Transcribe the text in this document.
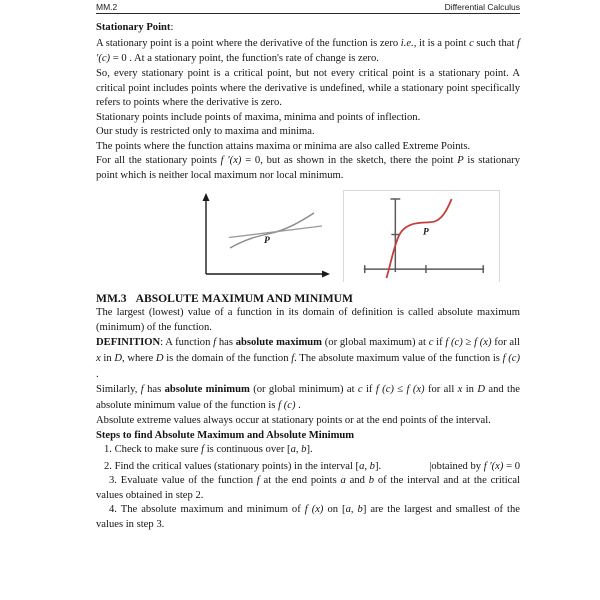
MM.2	Differential Calculus

Stationary Point:

A stationary point is a point where the derivative of the function is zero i.e., it is a point c such that f ′(c) = 0 . At a stationary point, the function's rate of change is zero.

So, every stationary point is a critical point, but not every critical point is a stationary point. A critical point includes points where the derivative is undefined, while a stationary point specifically refers to points where the derivative is zero.

Stationary points include points of maxima, minima and points of inflection.

Our study is restricted only to maxima and minima.

The points where the function attains maxima or minima are also called Extreme Points.

For all the stationary points f ′(x) = 0, but as shown in the sketch, there the point P is stationary point which is neither local maximum nor local minimum.

P
P
MM.3 ABSOLUTE MAXIMUM AND MINIMUM

The largest (lowest) value of a function in its domain of definition is called absolute maximum (minimum) of the function.

DEFINITION: A function f has absolute maximum (or global maximum) at c if f (c) ≥ f (x) for all x in D, where D is the domain of the function f. The absolute maximum value of the function is f (c) .

Similarly, f has absolute minimum (or global minimum) at c if f (c) ≤ f (x) for all x in D and the absolute minimum value of the function is f (c) .

Absolute extreme values always occur at stationary points or at the end points of the interval.

Steps to find Absolute Maximum and Absolute Minimum

1. Check to make sure f is continuous over [a, b].

2. Find the critical values (stationary points) in the interval [a, b].	|obtained by f ′(x) = 0

3. Evaluate value of the function f at the end points a and b of the interval and at the critical values obtained in step 2.

4. The absolute maximum and minimum of f (x) on [a, b] are the largest and smallest of the values in step 3.
